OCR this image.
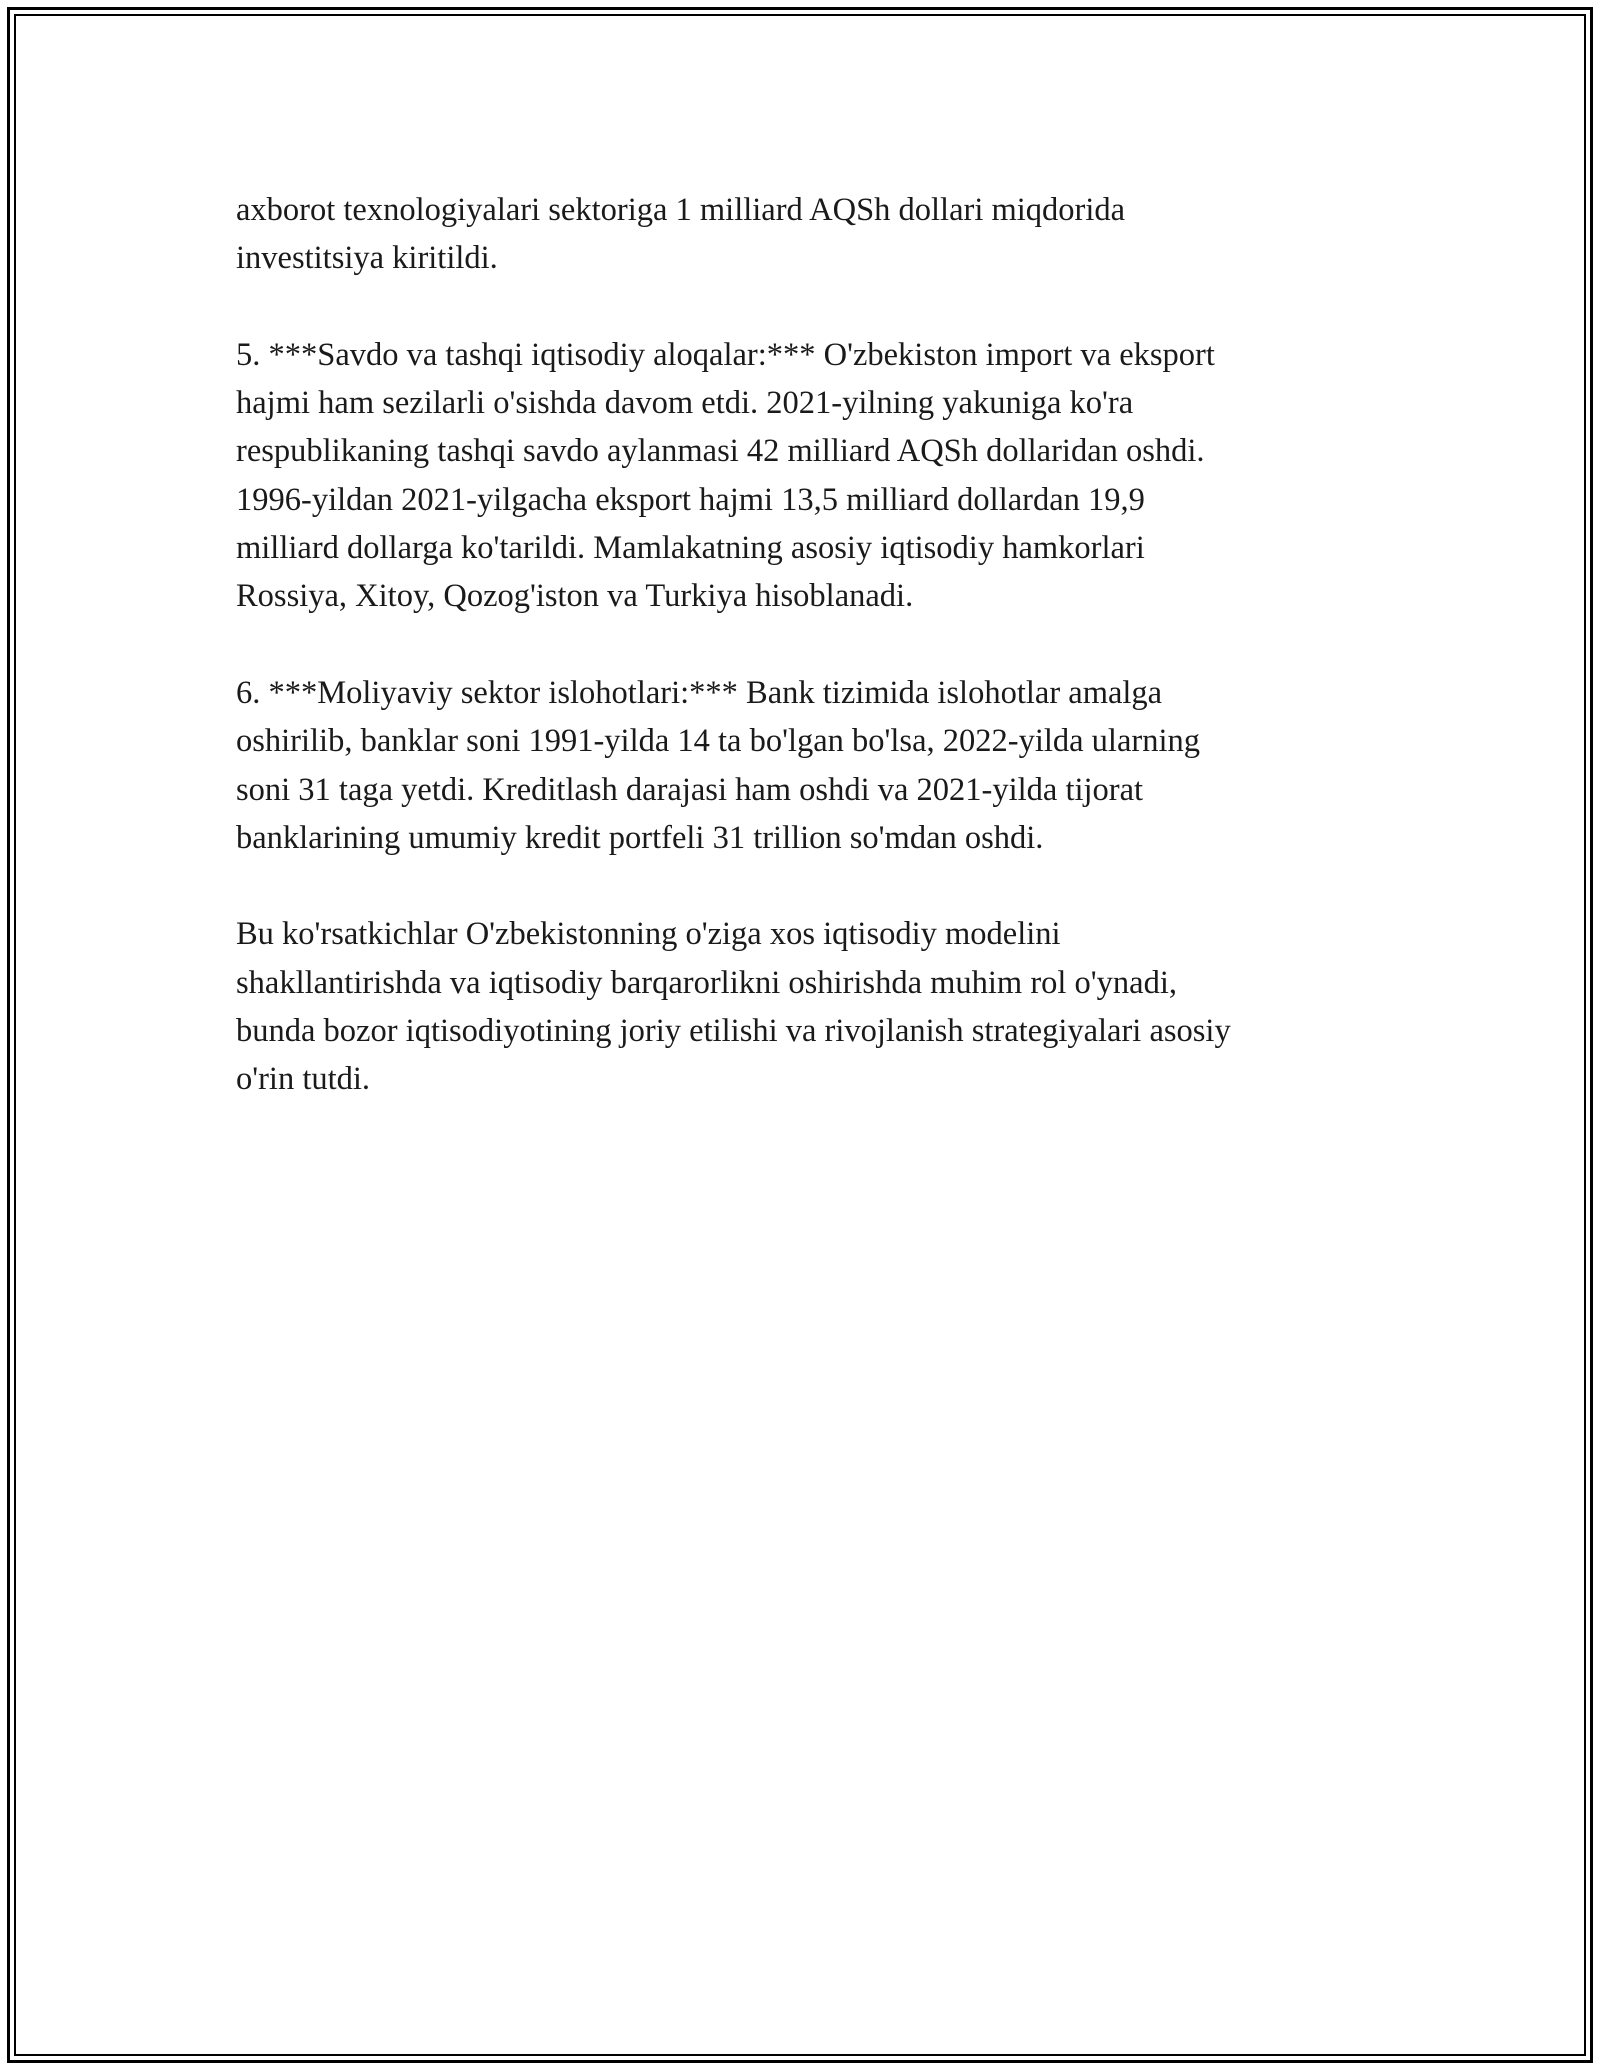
axborot texnologiyalari sektoriga 1 milliard AQSh dollari miqdorida
investitsiya kiritildi.

5. ***Savdo va tashqi iqtisodiy aloqalar:*** O'zbekiston import va eksport
hajmi ham sezilarli o'sishda davom etdi. 2021-yilning yakuniga ko'ra
respublikaning tashqi savdo aylanmasi 42 milliard AQSh dollaridan oshdi.
1996-yildan 2021-yilgacha eksport hajmi 13,5 milliard dollardan 19,9
milliard dollarga ko'tarildi. Mamlakatning asosiy iqtisodiy hamkorlari
Rossiya, Xitoy, Qozog'iston va Turkiya hisoblanadi.

6. ***Moliyaviy sektor islohotlari:*** Bank tizimida islohotlar amalga
oshirilib, banklar soni 1991-yilda 14 ta bo'lgan bo'lsa, 2022-yilda ularning
soni 31 taga yetdi. Kreditlash darajasi ham oshdi va 2021-yilda tijorat
banklarining umumiy kredit portfeli 31 trillion so'mdan oshdi.

Bu ko'rsatkichlar O'zbekistonning o'ziga xos iqtisodiy modelini
shakllantirishda va iqtisodiy barqarorlikni oshirishda muhim rol o'ynadi,
bunda bozor iqtisodiyotining joriy etilishi va rivojlanish strategiyalari asosiy
o'rin tutdi.
